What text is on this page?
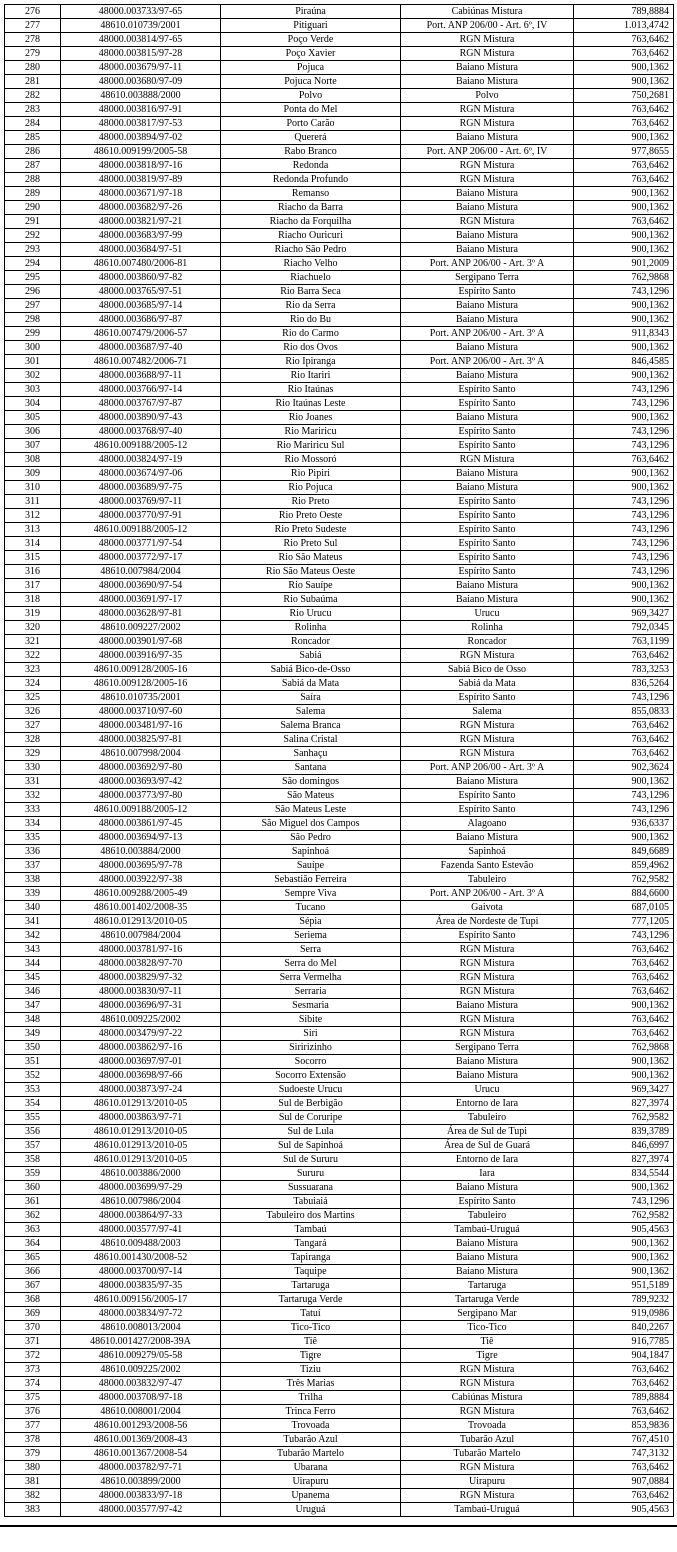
276	48000.003733/97-65	Piraúna	Cabiúnas Mistura	789,8884
277	48610.010739/2001	Pitiguari	Port. ANP 206/00 - Art. 6º, IV	1.013,4742
278	48000.003814/97-65	Poço Verde	RGN Mistura	763,6462
279	48000.003815/97-28	Poço Xavier	RGN Mistura	763,6462
280	48000.003679/97-11	Pojuca	Baiano Mistura	900,1362
281	48000.003680/97-09	Pojuca Norte	Baiano Mistura	900,1362
282	48610.003888/2000	Polvo	Polvo	750,2681
283	48000.003816/97-91	Ponta do Mel	RGN Mistura	763,6462
284	48000.003817/97-53	Porto Carão	RGN Mistura	763,6462
285	48000.003894/97-02	Quererá	Baiano Mistura	900,1362
286	48610.009199/2005-58	Rabo Branco	Port. ANP 206/00 - Art. 6º, IV	977,8655
287	48000.003818/97-16	Redonda	RGN Mistura	763,6462
288	48000.003819/97-89	Redonda Profundo	RGN Mistura	763,6462
289	48000.003671/97-18	Remanso	Baiano Mistura	900,1362
290	48000.003682/97-26	Riacho da Barra	Baiano Mistura	900,1362
291	48000.003821/97-21	Riacho da Forquilha	RGN Mistura	763,6462
292	48000.003683/97-99	Riacho Ouricuri	Baiano Mistura	900,1362
293	48000.003684/97-51	Riacho São Pedro	Baiano Mistura	900,1362
294	48610.007480/2006-81	Riacho Velho	Port. ANP 206/00 - Art. 3º A	901,2009
295	48000.003860/97-82	Riachuelo	Sergipano Terra	762,9868
296	48000.003765/97-51	Rio Barra Seca	Espírito Santo	743,1296
297	48000.003685/97-14	Rio da Serra	Baiano Mistura	900,1362
298	48000.003686/97-87	Rio do Bu	Baiano Mistura	900,1362
299	48610.007479/2006-57	Rio do Carmo	Port. ANP 206/00 - Art. 3º A	911,8343
300	48000.003687/97-40	Rio dos Ovos	Baiano Mistura	900,1362
301	48610.007482/2006-71	Rio Ipiranga	Port. ANP 206/00 - Art. 3º A	846,4585
302	48000.003688/97-11	Rio Itariri	Baiano Mistura	900,1362
303	48000.003766/97-14	Rio Itaúnas	Espírito Santo	743,1296
304	48000.003767/97-87	Rio Itaúnas Leste	Espírito Santo	743,1296
305	48000.003890/97-43	Rio Joanes	Baiano Mistura	900,1362
306	48000.003768/97-40	Rio Mariricu	Espírito Santo	743,1296
307	48610.009188/2005-12	Rio Mariricu Sul	Espírito Santo	743,1296
308	48000.003824/97-19	Rio Mossoró	RGN Mistura	763,6462
309	48000.003674/97-06	Rio Pipiri	Baiano Mistura	900,1362
310	48000.003689/97-75	Rio Pojuca	Baiano Mistura	900,1362
311	48000.003769/97-11	Rio Preto	Espírito Santo	743,1296
312	48000.003770/97-91	Rio Preto Oeste	Espírito Santo	743,1296
313	48610.009188/2005-12	Rio Preto Sudeste	Espírito Santo	743,1296
314	48000.003771/97-54	Rio Preto Sul	Espírito Santo	743,1296
315	48000.003772/97-17	Rio São Mateus	Espírito Santo	743,1296
316	48610.007984/2004	Rio São Mateus Oeste	Espírito Santo	743,1296
317	48000.003690/97-54	Rio Sauípe	Baiano Mistura	900,1362
318	48000.003691/97-17	Rio Subaúma	Baiano Mistura	900,1362
319	48000.003628/97-81	Rio Urucu	Urucu	969,3427
320	48610.009227/2002	Rolinha	Rolinha	792,0345
321	48000.003901/97-68	Roncador	Roncador	763,1199
322	48000.003916/97-35	Sabiá	RGN Mistura	763,6462
323	48610.009128/2005-16	Sabiá Bico-de-Osso	Sabiá Bico de Osso	783,3253
324	48610.009128/2005-16	Sabiá da Mata	Sabiá da Mata	836,5264
325	48610.010735/2001	Saíra	Espírito Santo	743,1296
326	48000.003710/97-60	Salema	Salema	855,0833
327	48000.003481/97-16	Salema Branca	RGN Mistura	763,6462
328	48000.003825/97-81	Salina Cristal	RGN Mistura	763,6462
329	48610.007998/2004	Sanhaçu	RGN Mistura	763,6462
330	48000.003692/97-80	Santana	Port. ANP 206/00 - Art. 3º A	902,3624
331	48000.003693/97-42	São domingos	Baiano Mistura	900,1362
332	48000.003773/97-80	São Mateus	Espírito Santo	743,1296
333	48610.009188/2005-12	São Mateus Leste	Espírito Santo	743,1296
334	48000.003861/97-45	São Miguel dos Campos	Alagoano	936,6337
335	48000.003694/97-13	São Pedro	Baiano Mistura	900,1362
336	48610.003884/2000	Sapinhoá	Sapinhoá	849,6689
337	48000.003695/97-78	Sauípe	Fazenda Santo Estevão	859,4962
338	48000.003922/97-38	Sebastião Ferreira	Tabuleiro	762,9582
339	48610.009288/2005-49	Sempre Viva	Port. ANP 206/00 - Art. 3º A	884,6600
340	48610.001402/2008-35	Tucano	Gaivota	687,0105
341	48610.012913/2010-05	Sépia	Área de Nordeste de Tupi	777,1205
342	48610.007984/2004	Seriema	Espírito Santo	743,1296
343	48000.003781/97-16	Serra	RGN Mistura	763,6462
344	48000.003828/97-70	Serra do Mel	RGN Mistura	763,6462
345	48000.003829/97-32	Serra Vermelha	RGN Mistura	763,6462
346	48000.003830/97-11	Serraria	RGN Mistura	763,6462
347	48000.003696/97-31	Sesmaria	Baiano Mistura	900,1362
348	48610.009225/2002	Sibite	RGN Mistura	763,6462
349	48000.003479/97-22	Siri	RGN Mistura	763,6462
350	48000.003862/97-16	Siririzinho	Sergipano Terra	762,9868
351	48000.003697/97-01	Socorro	Baiano Mistura	900,1362
352	48000.003698/97-66	Socorro Extensão	Baiano Mistura	900,1362
353	48000.003873/97-24	Sudoeste Urucu	Urucu	969,3427
354	48610.012913/2010-05	Sul de Berbigão	Entorno de Iara	827,3974
355	48000.003863/97-71	Sul de Coruripe	Tabuleiro	762,9582
356	48610.012913/2010-05	Sul de Lula	Área de Sul de Tupi	839,3789
357	48610.012913/2010-05	Sul de Sapinhoá	Área de Sul de Guará	846,6997
358	48610.012913/2010-05	Sul de Sururu	Entorno de Iara	827,3974
359	48610.003886/2000	Sururu	Iara	834,5544
360	48000.003699/97-29	Sussuarana	Baiano Mistura	900,1362
361	48610.007986/2004	Tabuiaiá	Espírito Santo	743,1296
362	48000.003864/97-33	Tabuleiro dos Martins	Tabuleiro	762,9582
363	48000.003577/97-41	Tambaú	Tambaú-Uruguá	905,4563
364	48610.009488/2003	Tangará	Baiano Mistura	900,1362
365	48610.001430/2008-52	Tapiranga	Baiano Mistura	900,1362
366	48000.003700/97-14	Taquipe	Baiano Mistura	900,1362
367	48000.003835/97-35	Tartaruga	Tartaruga	951,5189
368	48610.009156/2005-17	Tartaruga Verde	Tartaruga Verde	789,9232
369	48000.003834/97-72	Tatuí	Sergipano Mar	919,0986
370	48610.008013/2004	Tico-Tico	Tico-Tico	840,2267
371	48610.001427/2008-39A	Tiê	Tiê	916,7785
372	48610.009279/05-58	Tigre	Tigre	904,1847
373	48610.009225/2002	Tiziu	RGN Mistura	763,6462
374	48000.003832/97-47	Três Marias	RGN Mistura	763,6462
375	48000.003708/97-18	Trilha	Cabiúnas Mistura	789,8884
376	48610.008001/2004	Trinca Ferro	RGN Mistura	763,6462
377	48610.001293/2008-56	Trovoada	Trovoada	853,9836
378	48610.001369/2008-43	Tubarão Azul	Tubarão Azul	767,4510
379	48610.001367/2008-54	Tubarão Martelo	Tubarão Martelo	747,3132
380	48000.003782/97-71	Ubarana	RGN Mistura	763,6462
381	48610.003899/2000	Uirapuru	Uirapuru	907,0884
382	48000.003833/97-18	Upanema	RGN Mistura	763,6462
383	48000.003577/97-42	Uruguá	Tambaú-Uruguá	905,4563
